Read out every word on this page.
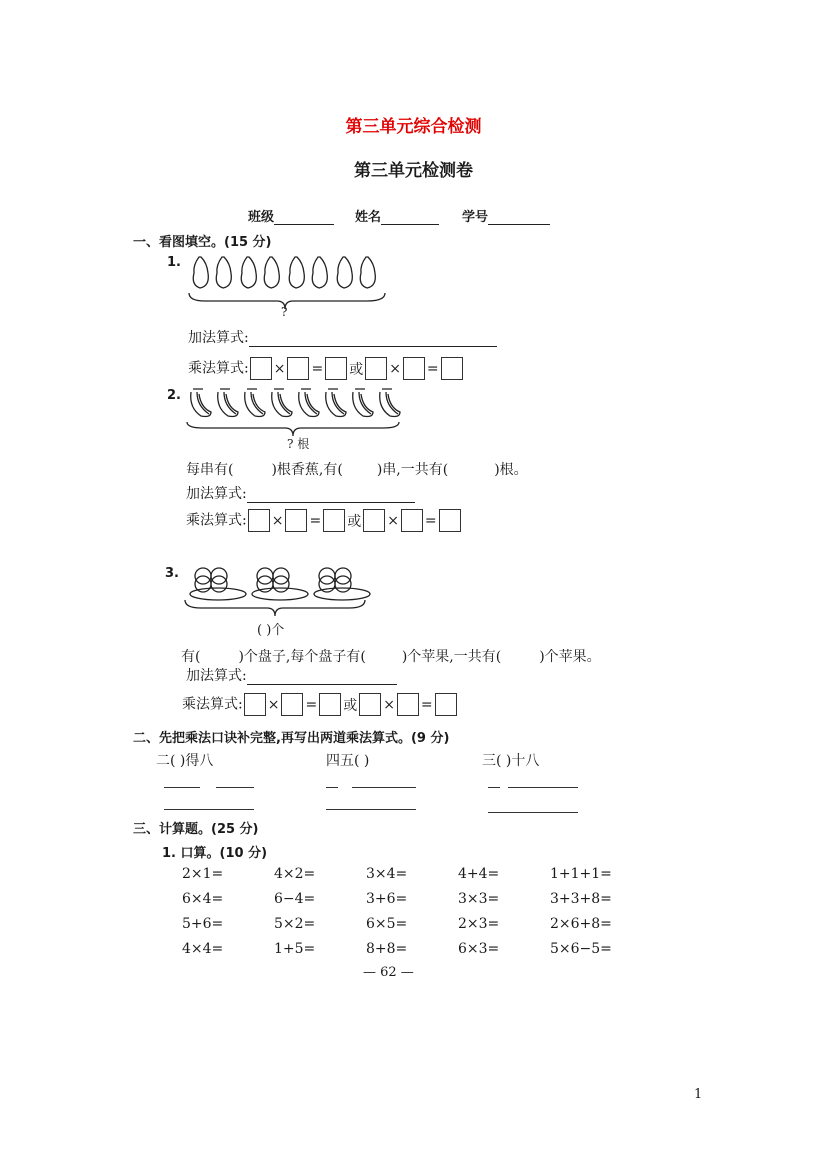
第三单元综合检测
第三单元检测卷
班级	姓名	学号
一、看图填空。(15 分)
1.
?
加法算式:
乘法算式: × = 或 × =
2.
? 根
每串有(	)根香蕉,有( )串,一共有(	)根。
加法算式:
乘法算式: × = 或 × =
3.
( )个
有(	)个盘子,每个盘子有(	)个苹果,一共有(	)个苹果。
加法算式:
乘法算式: × = 或 × =
二、先把乘法口诀补完整,再写出两道乘法算式。(9 分)
二( )得八	四五( )	三( )十八
三、计算题。(25 分)
1. 口算。(10 分)
2×1=	4×2=	3×4=	4+4=	1+1+1=
6×4=	6−4=	3+6=	3×3=	3+3+8=
5+6=	5×2=	6×5=	2×3=	2×6+8=
4×4=	1+5=	8+8=	6×3=	5×6−5=
— 62 —
1
